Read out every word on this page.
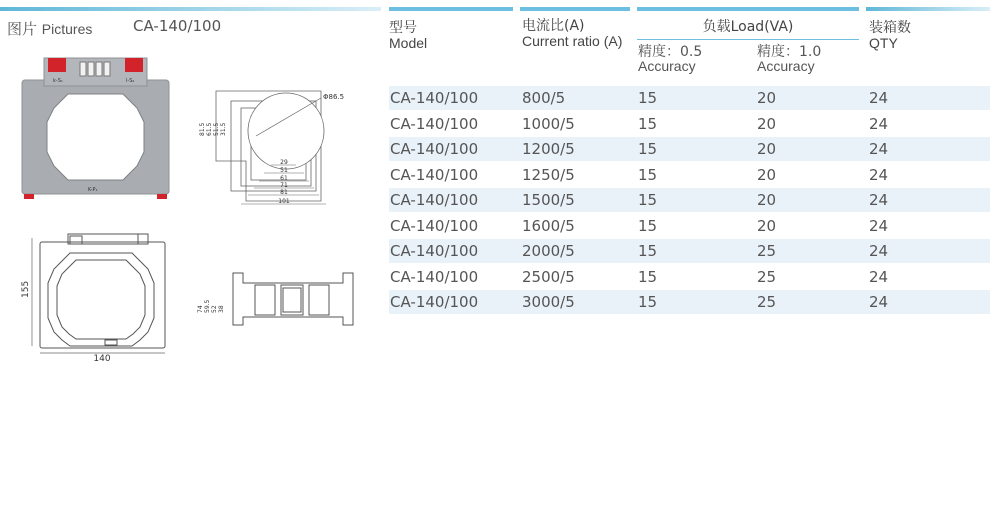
图片 Pictures	CA-140/100
k-S₁	l-S₂
K-P₁
Φ86.5
81.5 61.5 51.5 31.5
29
51
61
71
81
101
155
140
74 59.5 52 38
型号
Model
电流比(A)
Current ratio (A)
负载Load(VA)
精度：0.5
Accuracy
精度：1.0
Accuracy
装箱数
QTY
CA-140/100	800/5	15	20	24
CA-140/100	1000/5	15	20	24
CA-140/100	1200/5	15	20	24
CA-140/100	1250/5	15	20	24
CA-140/100	1500/5	15	20	24
CA-140/100	1600/5	15	20	24
CA-140/100	2000/5	15	25	24
CA-140/100	2500/5	15	25	24
CA-140/100	3000/5	15	25	24
